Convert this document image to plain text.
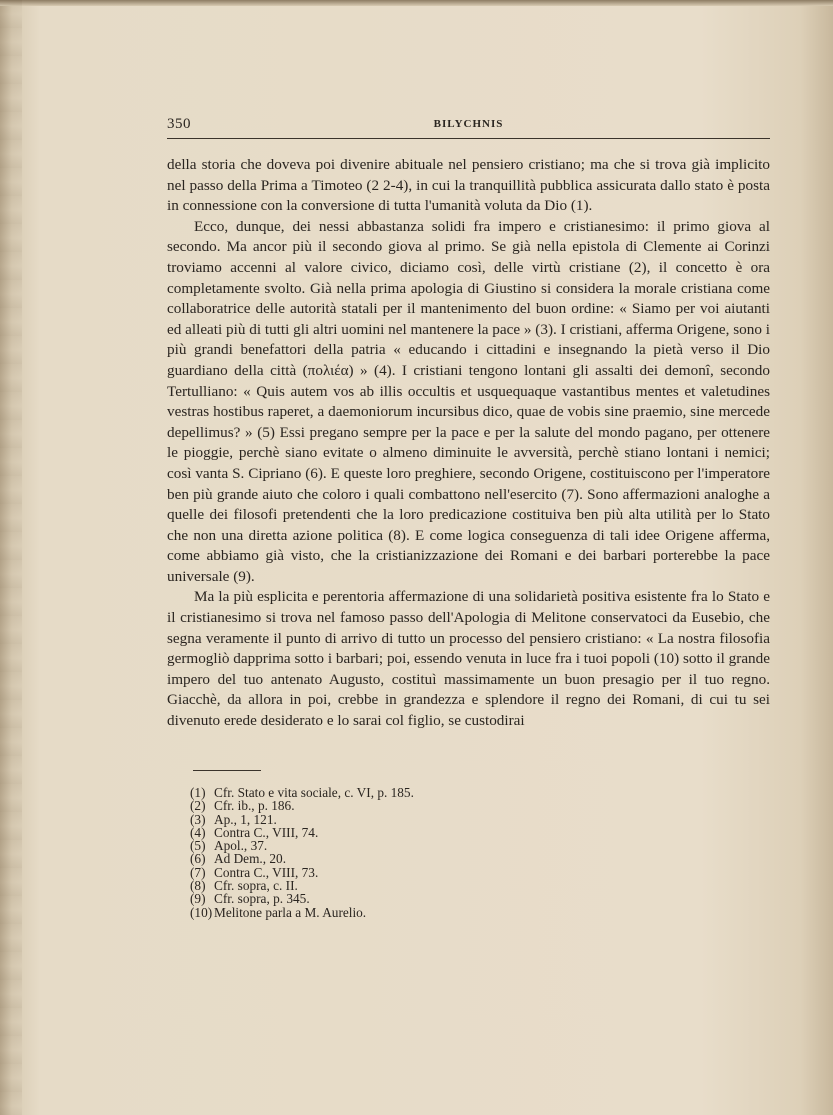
350	BILYCHNIS

della storia che doveva poi divenire abituale nel pensiero cristiano; ma che si trova già implicito nel passo della Prima a Timoteo (2 2-4), in cui la tranquillità pubblica assicurata dallo stato è posta in connessione con la conversione di tutta l'umanità voluta da Dio (1).

Ecco, dunque, dei nessi abbastanza solidi fra impero e cristianesimo: il primo giova al secondo. Ma ancor più il secondo giova al primo. Se già nella epistola di Clemente ai Corinzi troviamo accenni al valore civico, diciamo così, delle virtù cristiane (2), il concetto è ora completamente svolto. Già nella prima apologia di Giustino si considera la morale cristiana come collaboratrice delle autorità statali per il mantenimento del buon ordine: « Siamo per voi aiutanti ed alleati più di tutti gli altri uomini nel mantenere la pace » (3). I cristiani, afferma Origene, sono i più grandi benefattori della patria « educando i cittadini e insegnando la pietà verso il Dio guardiano della città (πολιέα) » (4). I cristiani tengono lontani gli assalti dei demonî, secondo Tertulliano: « Quis autem vos ab illis occultis et usquequaque vastantibus mentes et valetudines vestras hostibus raperet, a daemoniorum incursibus dico, quae de vobis sine praemio, sine mercede depellimus? » (5) Essi pregano sempre per la pace e per la salute del mondo pagano, per ottenere le pioggie, perchè siano evitate o almeno diminuite le avversità, perchè stiano lontani i nemici; così vanta S. Cipriano (6). E queste loro preghiere, secondo Origene, costituiscono per l'imperatore ben più grande aiuto che coloro i quali combattono nell'esercito (7). Sono affermazioni analoghe a quelle dei filosofi pretendenti che la loro predicazione costituiva ben più alta utilità per lo Stato che non una diretta azione politica (8). E come logica conseguenza di tali idee Origene afferma, come abbiamo già visto, che la cristianizzazione dei Romani e dei barbari porterebbe la pace universale (9).

Ma la più esplicita e perentoria affermazione di una solidarietà positiva esistente fra lo Stato e il cristianesimo si trova nel famoso passo dell'Apologia di Melitone conservatoci da Eusebio, che segna veramente il punto di arrivo di tutto un processo del pensiero cristiano: « La nostra filosofia germogliò dapprima sotto i barbari; poi, essendo venuta in luce fra i tuoi popoli (10) sotto il grande impero del tuo antenato Augusto, costituì massimamente un buon presagio per il tuo regno. Giacchè, da allora in poi, crebbe in grandezza e splendore il regno dei Romani, di cui tu sei divenuto erede desiderato e lo sarai col figlio, se custodirai

(1) Cfr. Stato e vita sociale, c. VI, p. 185.
(2) Cfr. ib., p. 186.
(3) Ap., 1, 121.
(4) Contra C., VIII, 74.
(5) Apol., 37.
(6) Ad Dem., 20.
(7) Contra C., VIII, 73.
(8) Cfr. sopra, c. II.
(9) Cfr. sopra, p. 345.
(10) Melitone parla a M. Aurelio.
